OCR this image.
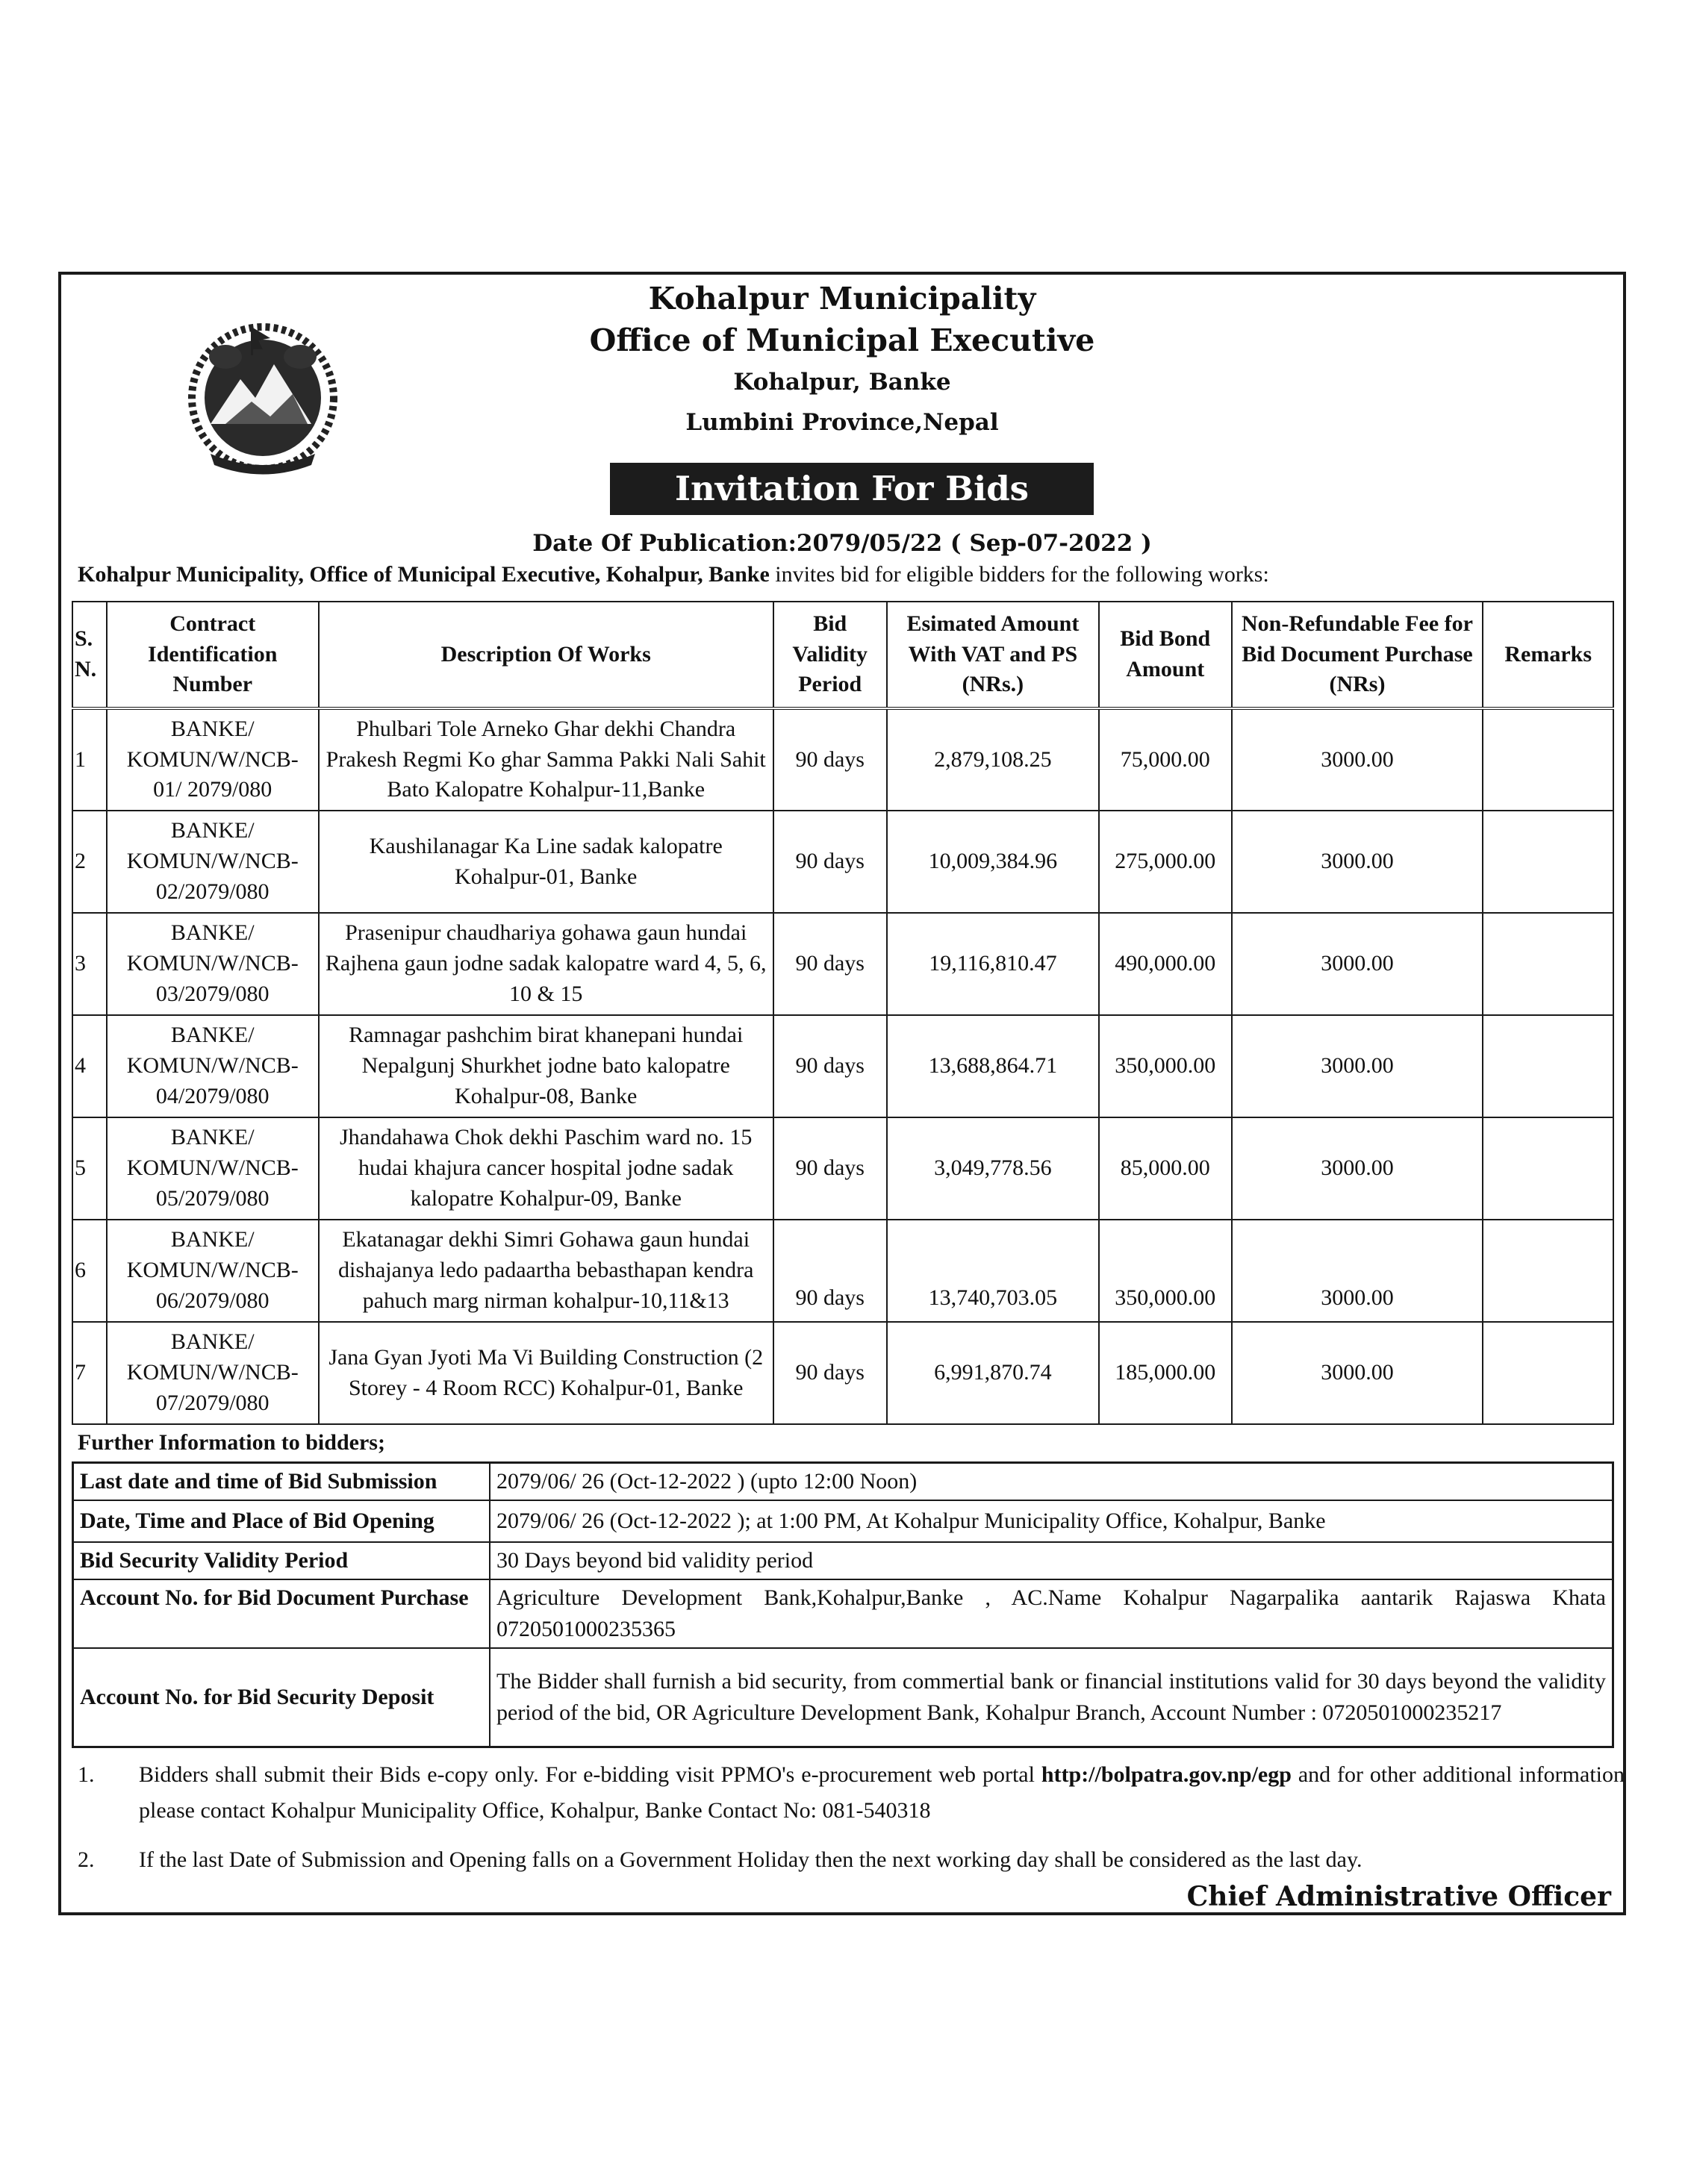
Kohalpur Municipality
Office of Municipal Executive
Kohalpur, Banke
Lumbini Province,Nepal
Invitation For Bids
Date Of Publication:2079/05/22 ( Sep-07-2022 )
Kohalpur Municipality, Office of Municipal Executive, Kohalpur, Banke invites bid for eligible bidders for the following works:
S. N.	Contract Identification Number	Description Of Works	Bid Validity Period	Esimated Amount With VAT and PS (NRs.)	Bid Bond Amount	Non-Refundable Fee for Bid Document Purchase (NRs)	Remarks
1	BANKE/ KOMUN/W/NCB- 01/ 2079/080	Phulbari Tole Arneko Ghar dekhi Chandra Prakesh Regmi Ko ghar Samma Pakki Nali Sahit Bato Kalopatre Kohalpur-11,Banke	90 days	2,879,108.25	75,000.00	3000.00	
2	BANKE/ KOMUN/W/NCB- 02/2079/080	Kaushilanagar Ka Line sadak kalopatre Kohalpur-01, Banke	90 days	10,009,384.96	275,000.00	3000.00	
3	BANKE/ KOMUN/W/NCB- 03/2079/080	Prasenipur chaudhariya gohawa gaun hundai Rajhena gaun jodne sadak kalopatre ward 4, 5, 6, 10 & 15	90 days	19,116,810.47	490,000.00	3000.00	
4	BANKE/ KOMUN/W/NCB- 04/2079/080	Ramnagar pashchim birat khanepani hundai Nepalgunj Shurkhet jodne bato kalopatre Kohalpur-08, Banke	90 days	13,688,864.71	350,000.00	3000.00	
5	BANKE/ KOMUN/W/NCB- 05/2079/080	Jhandahawa Chok dekhi Paschim ward no. 15 hudai khajura cancer hospital jodne sadak kalopatre Kohalpur-09, Banke	90 days	3,049,778.56	85,000.00	3000.00	
6	BANKE/ KOMUN/W/NCB- 06/2079/080	Ekatanagar dekhi Simri Gohawa gaun hundai dishajanya ledo padaartha bebasthapan kendra pahuch marg nirman kohalpur-10,11&13	90 days	13,740,703.05	350,000.00	3000.00	
7	BANKE/ KOMUN/W/NCB- 07/2079/080	Jana Gyan Jyoti Ma Vi Building Construction (2 Storey - 4 Room RCC) Kohalpur-01, Banke	90 days	6,991,870.74	185,000.00	3000.00	
Further Information to bidders;
Last date and time of Bid Submission	2079/06/ 26 (Oct-12-2022 ) (upto 12:00 Noon)
Date, Time and Place of Bid Opening	2079/06/ 26 (Oct-12-2022 ); at 1:00 PM, At Kohalpur Municipality Office, Kohalpur, Banke
Bid Security Validity Period	30 Days beyond bid validity period
Account No. for Bid Document Purchase	Agriculture Development Bank,Kohalpur,Banke , AC.Name Kohalpur Nagarpalika aantarik Rajaswa Khata 0720501000235365
Account No. for Bid Security Deposit	The Bidder shall furnish a bid security, from commertial bank or financial institutions valid for 30 days beyond the validity period of the bid, OR Agriculture Development Bank, Kohalpur Branch, Account Number : 0720501000235217
1. Bidders shall submit their Bids e-copy only. For e-bidding visit PPMO's e-procurement web portal http://bolpatra.gov.np/egp and for other additional information please contact Kohalpur Municipality Office, Kohalpur, Banke Contact No: 081-540318
2. If the last Date of Submission and Opening falls on a Government Holiday then the next working day shall be considered as the last day.
Chief Administrative Officer
